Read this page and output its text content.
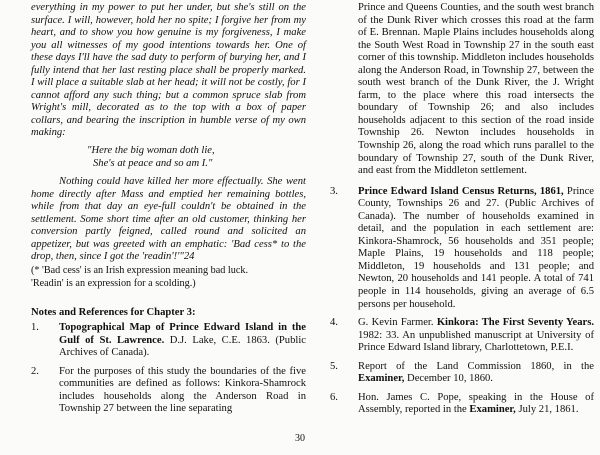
everything in my power to put her under, but she's still on the surface. I will, however, hold her no spite; I forgive her from my heart, and to show you how genuine is my forgiveness, I make you all witnesses of my good intentions towards her. One of these days I'll have the sad duty to perform of burying her, and I fully intend that her last resting place shall be properly marked. I will place a suitable slab at her head; it will not be costly, for I cannot afford any such thing; but a common spruce slab from Wright's mill, decorated as to the top with a box of paper collars, and bearing the inscription in humble verse of my own making:

"Here the big woman doth lie,
She's at peace and so am I."

Nothing could have killed her more effectually. She went home directly after Mass and emptied her remaining bottles, while from that day an eye-full couldn't be obtained in the settlement. Some short time after an old customer, thinking her conversion partly feigned, called round and solicited an appetizer, but was greeted with an emphatic: 'Bad cess* to the drop, then, since I got the 'readin'!'"24

(* 'Bad cess' is an Irish expression meaning bad luck.

'Readin' is an expression for a scolding.)

Notes and References for Chapter 3:

1.	Topographical Map of Prince Edward Island in the Gulf of St. Lawrence. D.J. Lake, C.E. 1863. (Public Archives of Canada).
2.	For the purposes of this study the boundaries of the five communities are defined as follows: Kinkora-Shamrock includes households along the Anderson Road in Township 27 between the line separating
Prince and Queens Counties, and the south west branch of the Dunk River which crosses this road at the farm of E. Brennan. Maple Plains includes households along the South West Road in Township 27 in the south east corner of this township. Middleton includes households along the Anderson Road, in Township 27, between the south west branch of the Dunk River, the J. Wright farm, to the place where this road intersects the boundary of Township 26; and also includes households adjacent to this section of the road inside Township 26. Newton includes households in Township 26, along the road which runs parallel to the boundary of Township 27, south of the Dunk River, and east from the Middleton settlement.
3.	Prince Edward Island Census Returns, 1861, Prince County, Townships 26 and 27. (Public Archives of Canada). The number of households examined in detail, and the population in each settlement are: Kinkora-Shamrock, 56 households and 351 people; Maple Plains, 19 households and 118 people; Middleton, 19 households and 131 people; and Newton, 20 households and 141 people. A total of 741 people in 114 households, giving an average of 6.5 persons per household.
4.	G. Kevin Farmer. Kinkora: The First Seventy Years. 1982: 33. An unpublished manuscript at University of Prince Edward Island library, Charlottetown, P.E.I.
5.	Report of the Land Commission 1860, in the Examiner, December 10, 1860.
6.	Hon. James C. Pope, speaking in the House of Assembly, reported in the Examiner, July 21, 1861.
30
